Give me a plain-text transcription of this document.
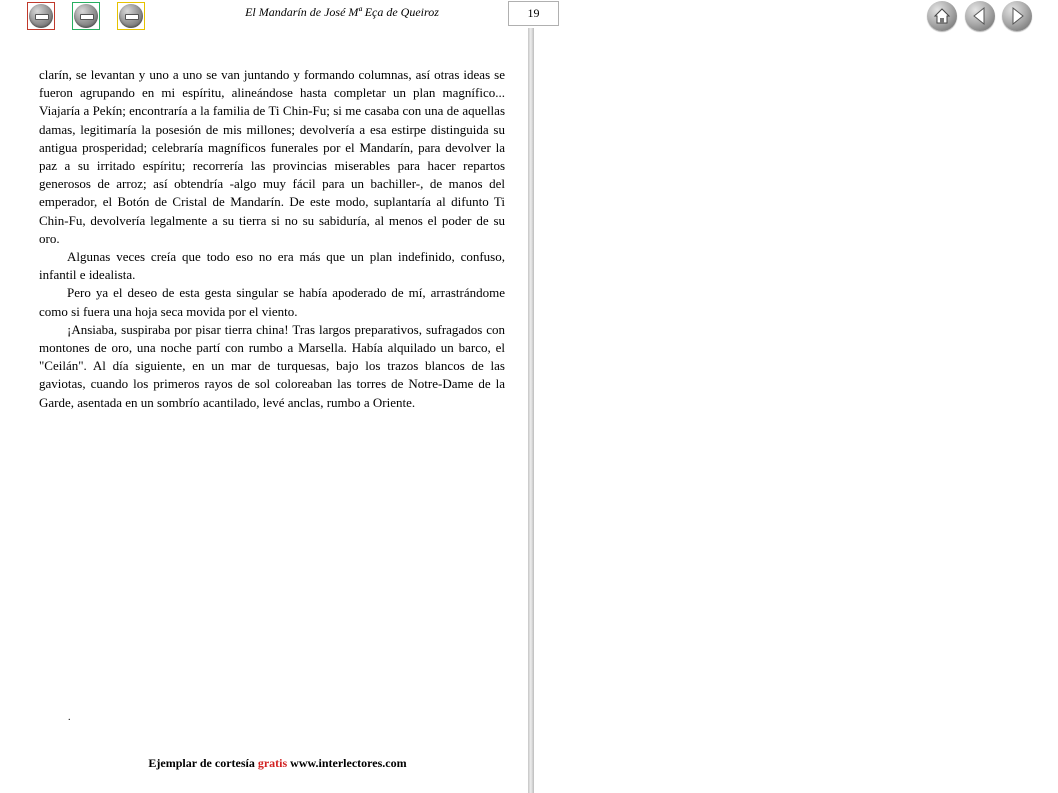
El Mandarín de José Mª Eça de Queiroz	19

clarín, se levantan y uno a uno se van juntando y formando columnas, así otras ideas se fueron agrupando en mi espíritu, alineándose hasta completar un plan magnífico... Viajaría a Pekín; encontraría a la familia de Ti Chin-Fu; si me casaba con una de aquellas damas, legitimaría la posesión de mis millones; devolvería a esa estirpe distinguida su antigua prosperidad; celebraría magníficos funerales por el Mandarín, para devolver la paz a su irritado espíritu; recorrería las provincias miserables para hacer repartos generosos de arroz; así obtendría -algo muy fácil para un bachiller-, de manos del emperador, el Botón de Cristal de Mandarín. De este modo, suplantaría al difunto Ti Chin-Fu, devolvería legalmente a su tierra si no su sabiduría, al menos el poder de su oro.

Algunas veces creía que todo eso no era más que un plan indefinido, confuso, infantil e idealista.

Pero ya el deseo de esta gesta singular se había apoderado de mí, arrastrándome como si fuera una hoja seca movida por el viento.

¡Ansiaba, suspiraba por pisar tierra china! Tras largos preparativos, sufragados con montones de oro, una noche partí con rumbo a Marsella. Había alquilado un barco, el "Ceilán". Al día siguiente, en un mar de turquesas, bajo los trazos blancos de las gaviotas, cuando los primeros rayos de sol coloreaban las torres de Notre-Dame de la Garde, asentada en un sombrío acantilado, levé anclas, rumbo a Oriente.

.
Ejemplar de cortesía gratis www.interlectores.com
